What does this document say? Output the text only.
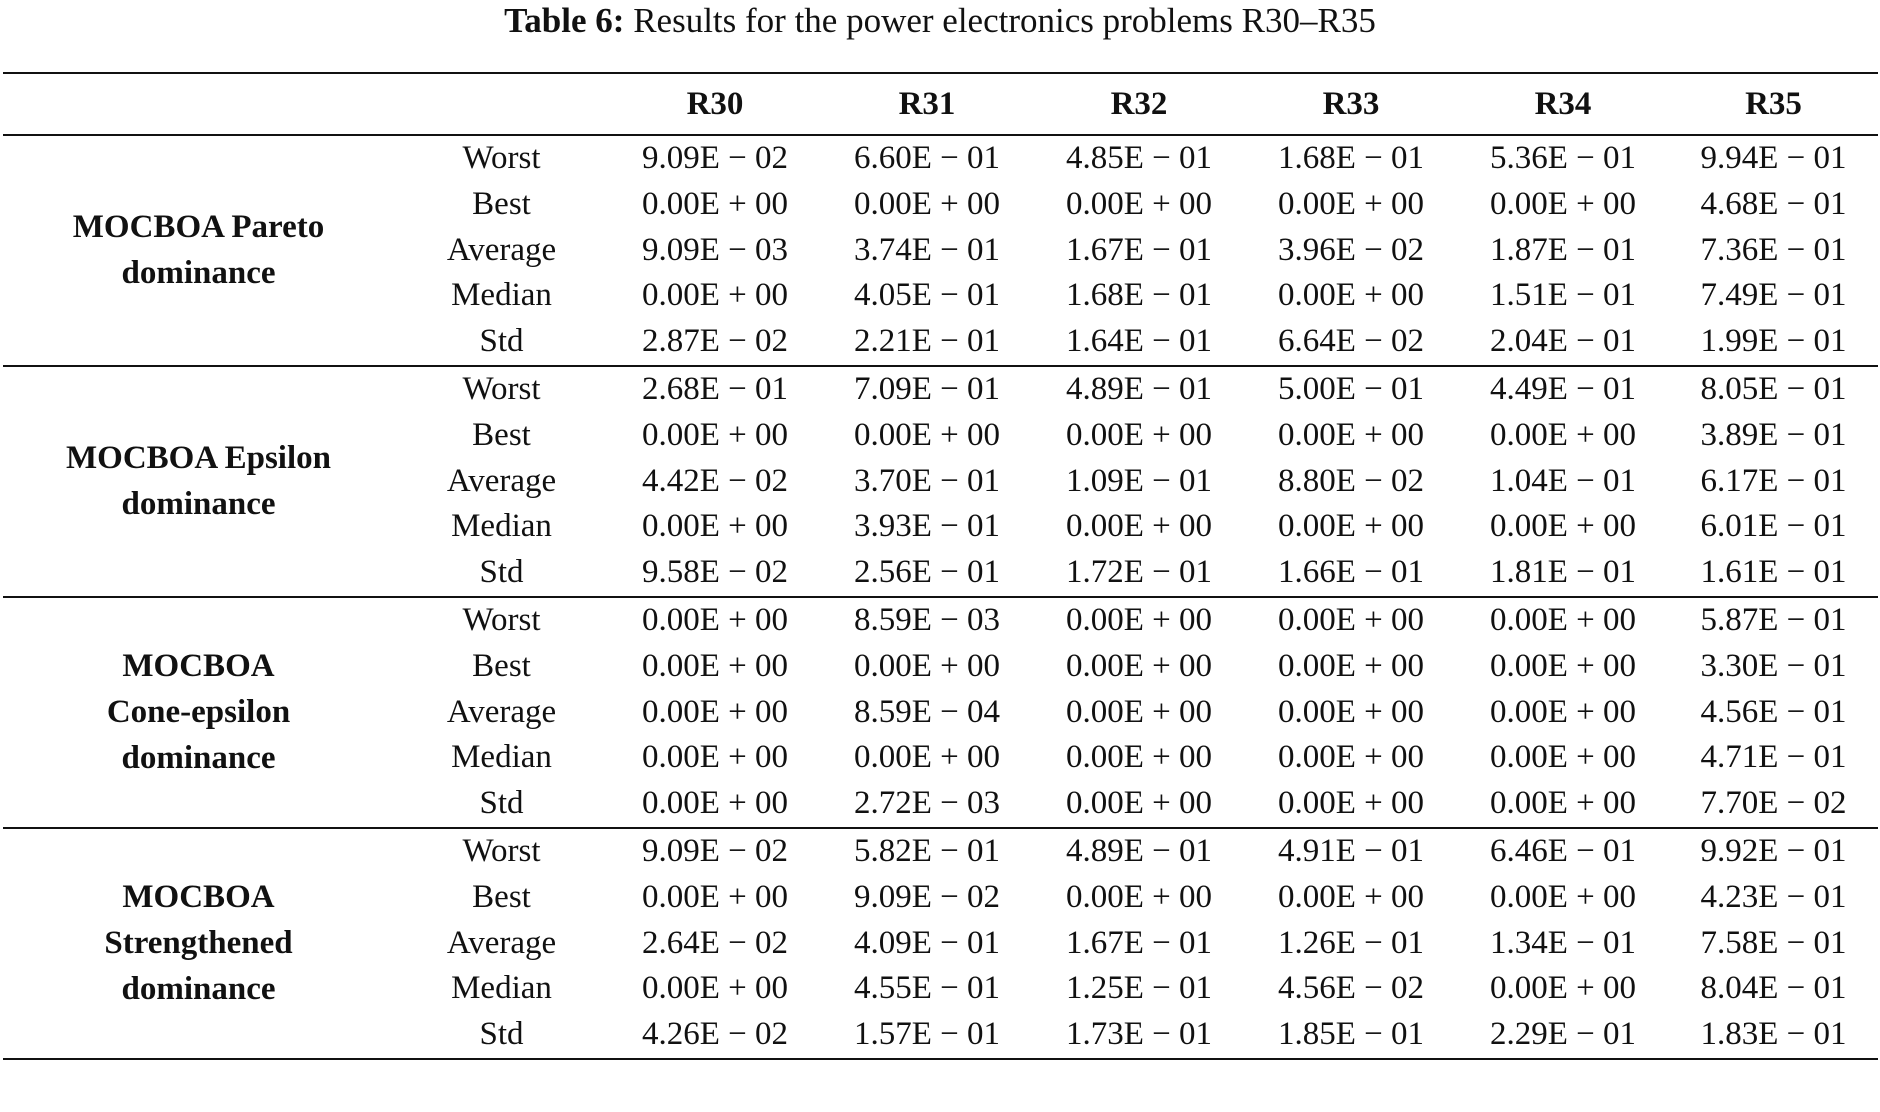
Table 6: Results for the power electronics problems R30–R35
		R30	R31	R32	R33	R34	R35

MOCBOA Pareto
dominance	Worst	9.09E − 02	6.60E − 01	4.85E − 01	1.68E − 01	5.36E − 01	9.94E − 01
	Best	0.00E + 00	0.00E + 00	0.00E + 00	0.00E + 00	0.00E + 00	4.68E − 01
	Average	9.09E − 03	3.74E − 01	1.67E − 01	3.96E − 02	1.87E − 01	7.36E − 01
	Median	0.00E + 00	4.05E − 01	1.68E − 01	0.00E + 00	1.51E − 01	7.49E − 01
	Std	2.87E − 02	2.21E − 01	1.64E − 01	6.64E − 02	2.04E − 01	1.99E − 01

MOCBOA Epsilon
dominance	Worst	2.68E − 01	7.09E − 01	4.89E − 01	5.00E − 01	4.49E − 01	8.05E − 01
	Best	0.00E + 00	0.00E + 00	0.00E + 00	0.00E + 00	0.00E + 00	3.89E − 01
	Average	4.42E − 02	3.70E − 01	1.09E − 01	8.80E − 02	1.04E − 01	6.17E − 01
	Median	0.00E + 00	3.93E − 01	0.00E + 00	0.00E + 00	0.00E + 00	6.01E − 01
	Std	9.58E − 02	2.56E − 01	1.72E − 01	1.66E − 01	1.81E − 01	1.61E − 01

MOCBOA
Cone-epsilon
dominance	Worst	0.00E + 00	8.59E − 03	0.00E + 00	0.00E + 00	0.00E + 00	5.87E − 01
	Best	0.00E + 00	0.00E + 00	0.00E + 00	0.00E + 00	0.00E + 00	3.30E − 01
	Average	0.00E + 00	8.59E − 04	0.00E + 00	0.00E + 00	0.00E + 00	4.56E − 01
	Median	0.00E + 00	0.00E + 00	0.00E + 00	0.00E + 00	0.00E + 00	4.71E − 01
	Std	0.00E + 00	2.72E − 03	0.00E + 00	0.00E + 00	0.00E + 00	7.70E − 02

MOCBOA
Strengthened
dominance	Worst	9.09E − 02	5.82E − 01	4.89E − 01	4.91E − 01	6.46E − 01	9.92E − 01
	Best	0.00E + 00	9.09E − 02	0.00E + 00	0.00E + 00	0.00E + 00	4.23E − 01
	Average	2.64E − 02	4.09E − 01	1.67E − 01	1.26E − 01	1.34E − 01	7.58E − 01
	Median	0.00E + 00	4.55E − 01	1.25E − 01	4.56E − 02	0.00E + 00	8.04E − 01
	Std	4.26E − 02	1.57E − 01	1.73E − 01	1.85E − 01	2.29E − 01	1.83E − 01
